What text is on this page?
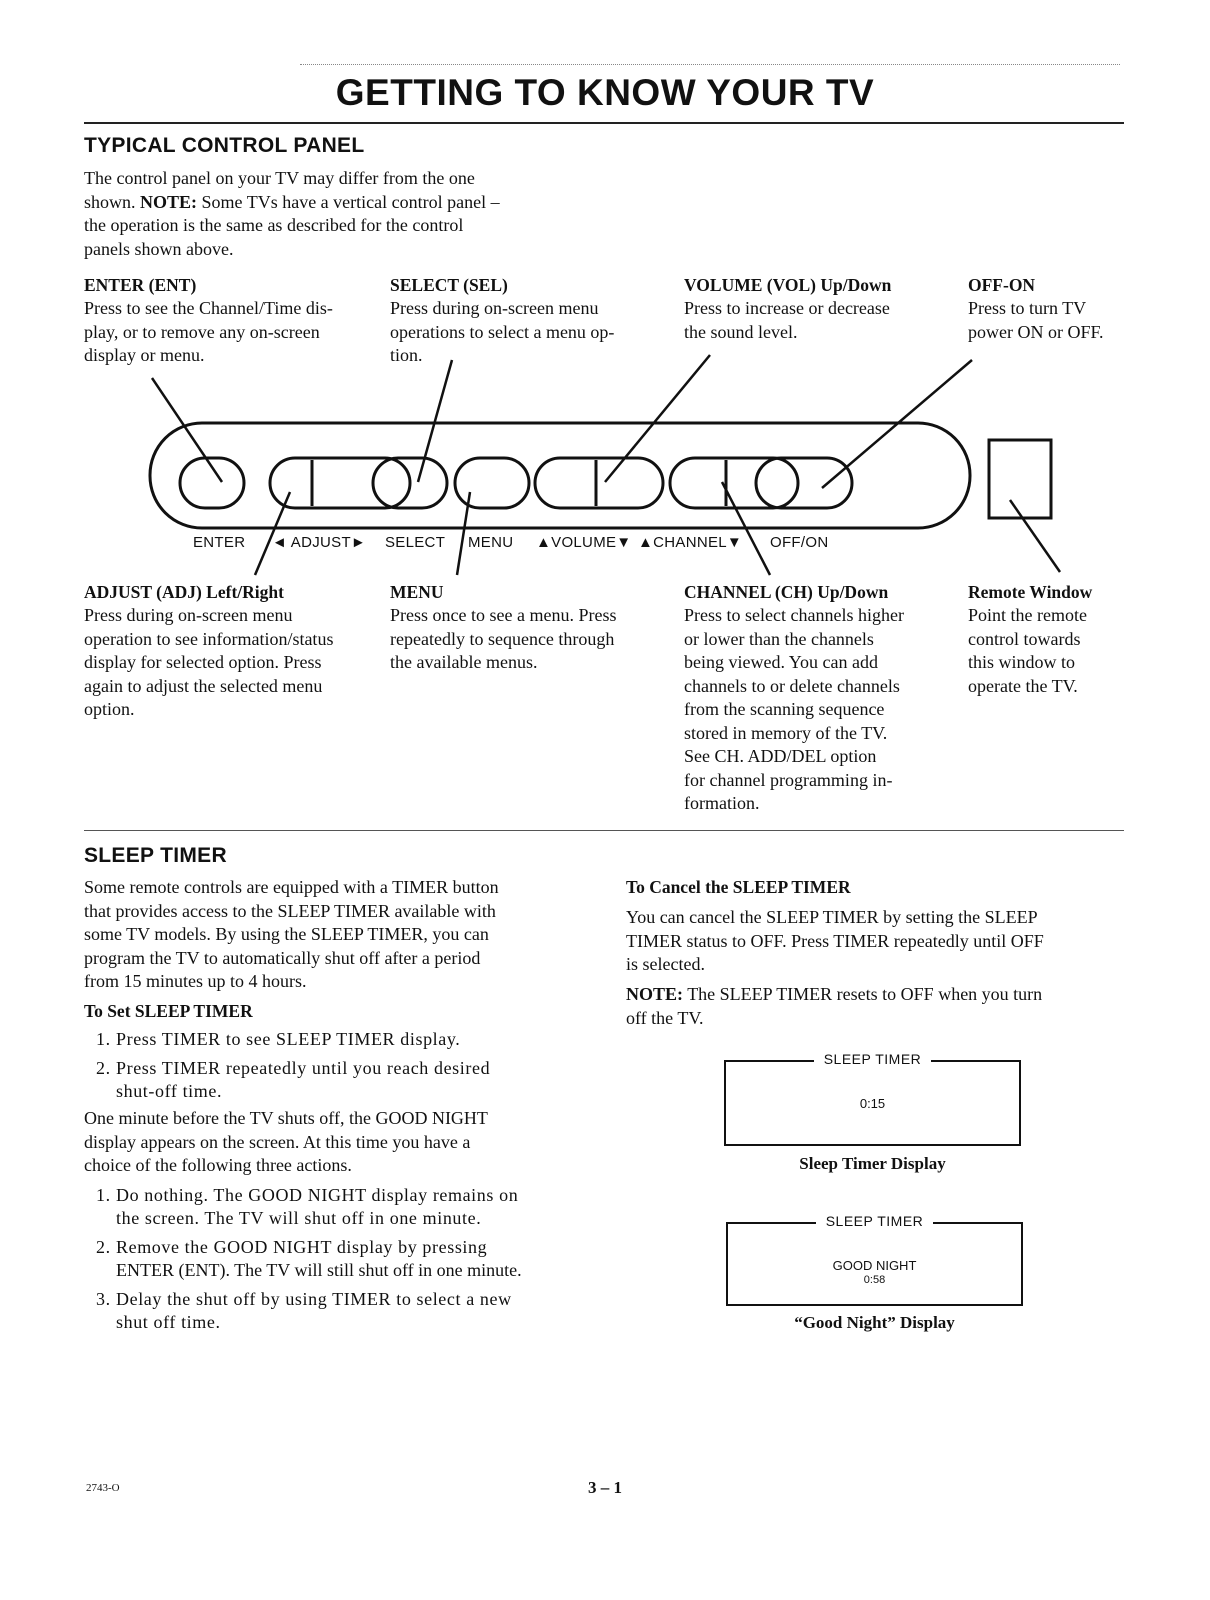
GETTING TO KNOW YOUR TV
TYPICAL CONTROL PANEL
The control panel on your TV may differ from the one
shown. NOTE: Some TVs have a vertical control panel –
the operation is the same as described for the control
panels shown above.
ENTER (ENT)
Press to see the Channel/Time dis-
play, or to remove any on-screen
display or menu.
SELECT (SEL)
Press during on-screen menu
operations to select a menu op-
tion.
VOLUME (VOL) Up/Down
Press to increase or decrease
the sound level.
OFF-ON
Press to turn TV
power ON or OFF.
ENTER ◄ ADJUST► SELECT MENU ▲VOLUME▼ ▲CHANNEL▼ OFF/ON
ADJUST (ADJ) Left/Right
Press during on-screen menu
operation to see information/status
display for selected option. Press
again to adjust the selected menu
option.
MENU
Press once to see a menu. Press
repeatedly to sequence through
the available menus.
CHANNEL (CH) Up/Down
Press to select channels higher
or lower than the channels
being viewed. You can add
channels to or delete channels
from the scanning sequence
stored in memory of the TV.
See CH. ADD/DEL option
for channel programming in-
formation.
Remote Window
Point the remote
control towards
this window to
operate the TV.
SLEEP TIMER
Some remote controls are equipped with a TIMER button
that provides access to the SLEEP TIMER available with
some TV models. By using the SLEEP TIMER, you can
program the TV to automatically shut off after a period
from 15 minutes up to 4 hours.
To Set SLEEP TIMER
1. Press TIMER to see SLEEP TIMER display.
2. Press TIMER repeatedly until you reach desired
shut-off time.
One minute before the TV shuts off, the GOOD NIGHT
display appears on the screen. At this time you have a
choice of the following three actions.
1. Do nothing. The GOOD NIGHT display remains on
the screen. The TV will shut off in one minute.
2. Remove the GOOD NIGHT display by pressing
ENTER (ENT). The TV will still shut off in one minute.
3. Delay the shut off by using TIMER to select a new
shut off time.
To Cancel the SLEEP TIMER
You can cancel the SLEEP TIMER by setting the SLEEP
TIMER status to OFF. Press TIMER repeatedly until OFF
is selected.
NOTE: The SLEEP TIMER resets to OFF when you turn
off the TV.
SLEEP TIMER
0:15
Sleep Timer Display
SLEEP TIMER
GOOD NIGHT
0:58
“Good Night” Display
2743-O	3 – 1
